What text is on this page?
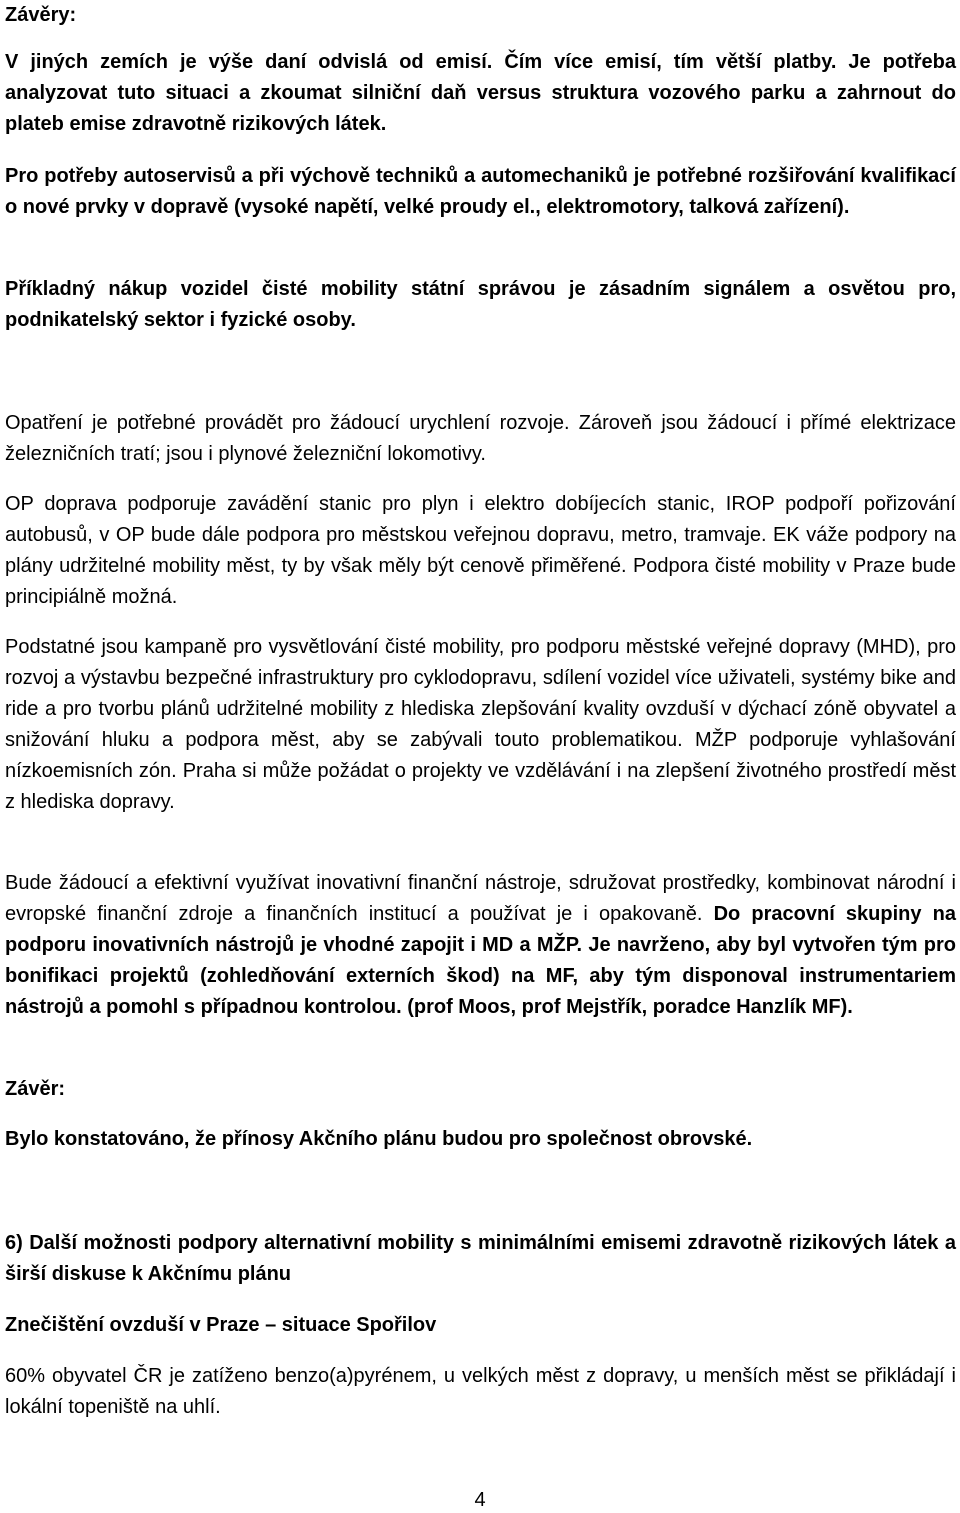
Závěry:

V jiných zemích je výše daní odvislá od emisí. Čím více emisí, tím větší platby. Je potřeba analyzovat tuto situaci a zkoumat silniční daň versus struktura vozového parku a zahrnout do plateb emise zdravotně rizikových látek.

Pro potřeby autoservisů a při výchově techniků a automechaniků je potřebné rozšiřování kvalifikací o nové prvky v dopravě (vysoké napětí, velké proudy el., elektromotory, talková zařízení).

Příkladný nákup vozidel čisté mobility státní správou je zásadním signálem a osvětou pro, podnikatelský sektor i fyzické osoby.

Opatření je potřebné provádět pro žádoucí urychlení rozvoje. Zároveň jsou žádoucí i přímé elektrizace železničních tratí; jsou i plynové železniční lokomotivy.

OP doprava podporuje zavádění stanic pro plyn i elektro dobíjecích stanic, IROP podpoří pořizování autobusů, v OP bude dále podpora pro městskou veřejnou dopravu, metro, tramvaje. EK váže podpory na plány udržitelné mobility měst, ty by však měly být cenově přiměřené. Podpora čisté mobility v Praze bude principiálně možná.

Podstatné jsou kampaně pro vysvětlování čisté mobility, pro podporu městské veřejné dopravy (MHD), pro rozvoj a výstavbu bezpečné infrastruktury pro cyklodopravu, sdílení vozidel více uživateli, systémy bike and ride a pro tvorbu plánů udržitelné mobility z hlediska zlepšování kvality ovzduší v dýchací zóně obyvatel a snižování hluku a podpora měst, aby se zabývali touto problematikou. MŽP podporuje vyhlašování nízkoemisních zón. Praha si může požádat o projekty ve vzdělávání i na zlepšení životného prostředí měst z hlediska dopravy.

Bude žádoucí a efektivní využívat inovativní finanční nástroje, sdružovat prostředky, kombinovat národní i evropské finanční zdroje a finančních institucí a používat je i opakovaně. Do pracovní skupiny na podporu inovativních nástrojů je vhodné zapojit i MD a MŽP. Je navrženo, aby byl vytvořen tým pro bonifikaci projektů (zohledňování externích škod) na MF, aby tým disponoval instrumentariem nástrojů a pomohl s případnou kontrolou. (prof Moos, prof Mejstřík, poradce Hanzlík MF).

Závěr:

Bylo konstatováno, že přínosy Akčního plánu budou pro společnost obrovské.

6) Další možnosti podpory alternativní mobility s minimálními emisemi zdravotně rizikových látek a širší diskuse k Akčnímu plánu

Znečištění ovzduší v Praze – situace Spořilov

60% obyvatel ČR je zatíženo benzo(a)pyrénem, u velkých měst z dopravy, u menších měst se přikládají i lokální topeniště na uhlí.

4
